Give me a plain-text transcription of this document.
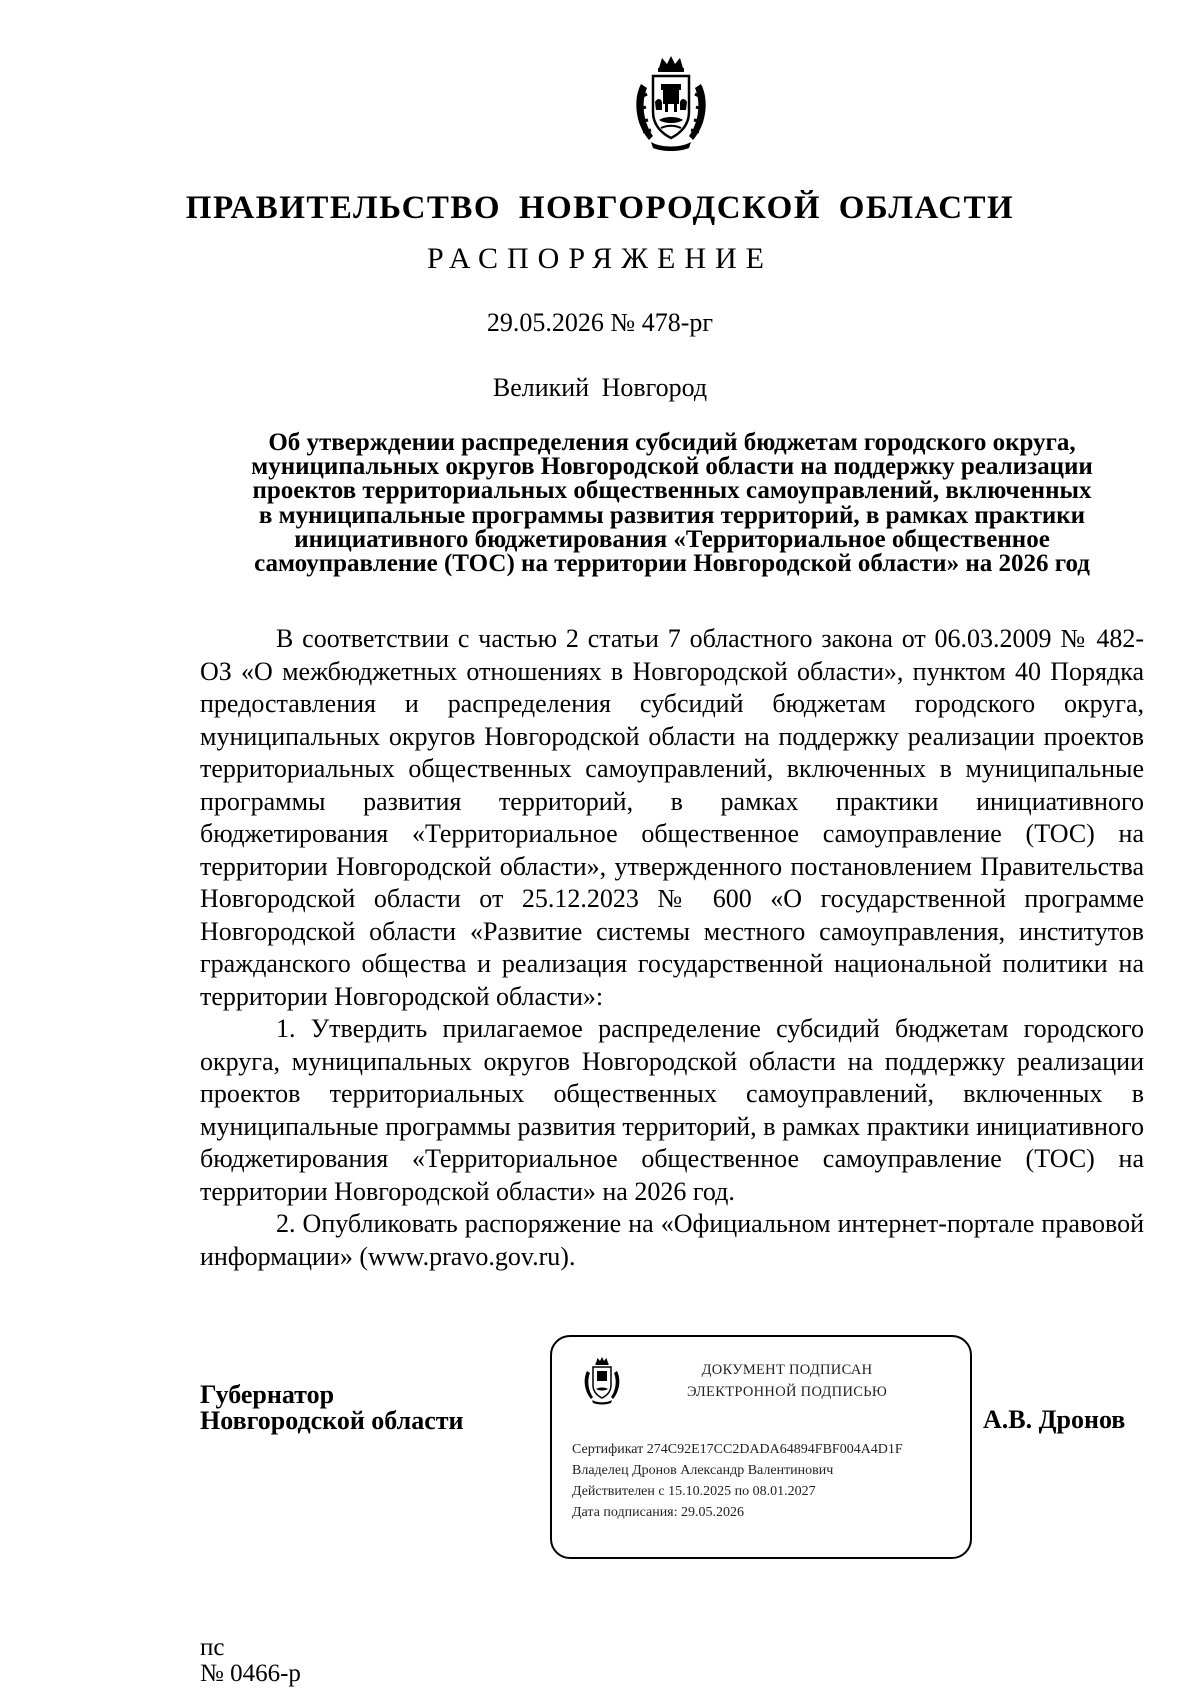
ПРАВИТЕЛЬСТВО НОВГОРОДСКОЙ ОБЛАСТИ
РАСПОРЯЖЕНИЕ
29.05.2026 № 478-рг
Великий Новгород
Об утверждении распределения субсидий бюджетам городского округа,
муниципальных округов Новгородской области на поддержку реализации
проектов территориальных общественных самоуправлений, включенных
в муниципальные программы развития территорий, в рамках практики
инициативного бюджетирования «Территориальное общественное
самоуправление (ТОС) на территории Новгородской области» на 2026 год

В соответствии с частью 2 статьи 7 областного закона от 06.03.2009 № 482-ОЗ «О межбюджетных отношениях в Новгородской области», пунктом 40 Порядка предоставления и распределения субсидий бюджетам городского округа, муниципальных округов Новгородской области на поддержку реализации проектов территориальных общественных самоуправлений, включенных в муниципальные программы развития территорий, в рамках практики инициативного бюджетирования «Территориальное общественное самоуправление (ТОС) на территории Новгородской области», утвержденного постановлением Правительства Новгородской области от 25.12.2023 № 600 «О государственной программе Новгородской области «Развитие системы местного самоуправления, институтов гражданского общества и реализация государственной национальной политики на территории Новгородской области»:

1. Утвердить прилагаемое распределение субсидий бюджетам городского округа, муниципальных округов Новгородской области на поддержку реализации проектов территориальных общественных самоуправлений, включенных в муниципальные программы развития территорий, в рамках практики инициативного бюджетирования «Территориальное общественное самоуправление (ТОС) на территории Новгородской области» на 2026 год.

2. Опубликовать распоряжение на «Официальном интернет-портале правовой информации» (www.pravo.gov.ru).

Губернатор
Новгородской области
ДОКУМЕНТ ПОДПИСАН
ЭЛЕКТРОННОЙ ПОДПИСЬЮ
Сертификат 274C92E17CC2DADA64894FBF004A4D1F
Владелец Дронов Александр Валентинович
Действителен с 15.10.2025 по 08.01.2027
Дата подписания: 29.05.2026
А.В. Дронов
пс
№ 0466-р
